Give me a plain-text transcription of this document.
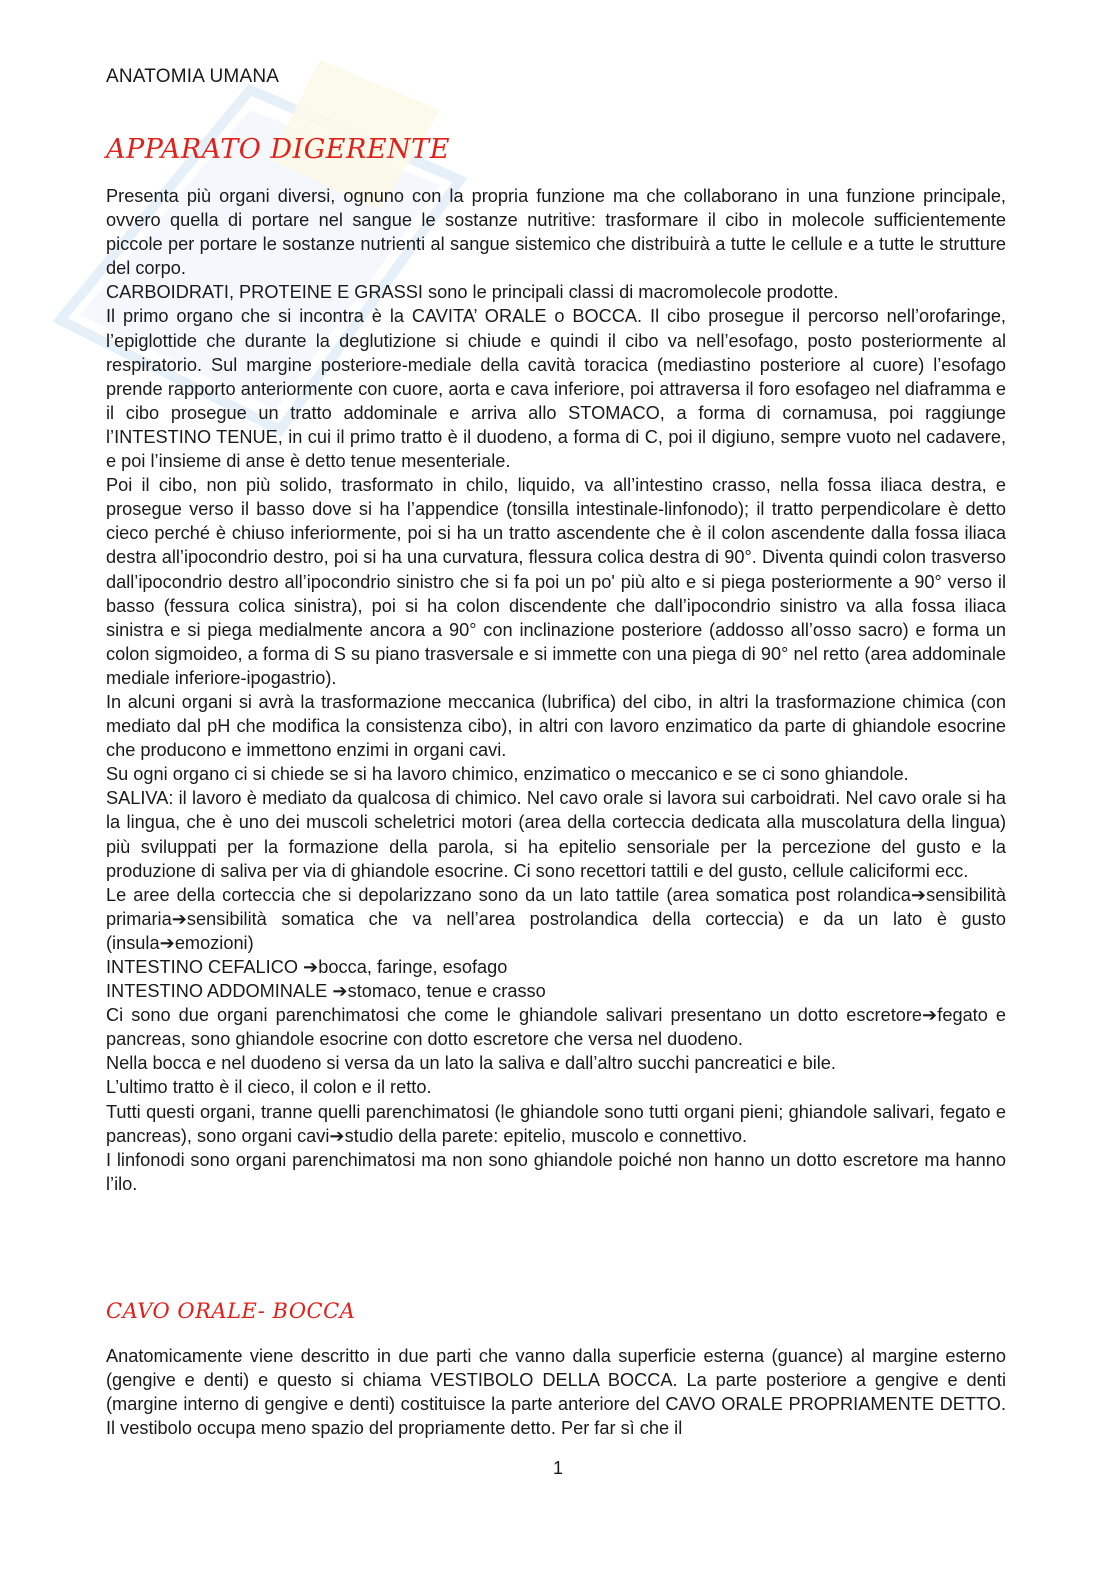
ANATOMIA UMANA
APPARATO DIGERENTE

Presenta più organi diversi, ognuno con la propria funzione ma che collaborano in una funzione principale, ovvero quella di portare nel sangue le sostanze nutritive: trasformare il cibo in molecole sufficientemente piccole per portare le sostanze nutrienti al sangue sistemico che distribuirà a tutte le cellule e a tutte le strutture del corpo.

CARBOIDRATI, PROTEINE E GRASSI sono le principali classi di macromolecole prodotte.

Il primo organo che si incontra è la CAVITA’ ORALE o BOCCA. Il cibo prosegue il percorso nell’orofaringe, l’epiglottide che durante la deglutizione si chiude e quindi il cibo va nell’esofago, posto posteriormente al respiratorio. Sul margine posteriore-mediale della cavità toracica (mediastino posteriore al cuore) l’esofago prende rapporto anteriormente con cuore, aorta e cava inferiore, poi attraversa il foro esofageo nel diaframma e il cibo prosegue un tratto addominale e arriva allo STOMACO, a forma di cornamusa, poi raggiunge l’INTESTINO TENUE, in cui il primo tratto è il duodeno, a forma di C, poi il digiuno, sempre vuoto nel cadavere, e poi l’insieme di anse è detto tenue mesenteriale.

Poi il cibo, non più solido, trasformato in chilo, liquido, va all’intestino crasso, nella fossa iliaca destra, e prosegue verso il basso dove si ha l’appendice (tonsilla intestinale-linfonodo); il tratto perpendicolare è detto cieco perché è chiuso inferiormente, poi si ha un tratto ascendente che è il colon ascendente dalla fossa iliaca destra all’ipocondrio destro, poi si ha una curvatura, flessura colica destra di 90°. Diventa quindi colon trasverso dall’ipocondrio destro all’ipocondrio sinistro che si fa poi un po' più alto e si piega posteriormente a 90° verso il basso (fessura colica sinistra), poi si ha colon discendente che dall’ipocondrio sinistro va alla fossa iliaca sinistra e si piega medialmente ancora a 90° con inclinazione posteriore (addosso all’osso sacro) e forma un colon sigmoideo, a forma di S su piano trasversale e si immette con una piega di 90° nel retto (area addominale mediale inferiore-ipogastrio).

In alcuni organi si avrà la trasformazione meccanica (lubrifica) del cibo, in altri la trasformazione chimica (con mediato dal pH che modifica la consistenza cibo), in altri con lavoro enzimatico da parte di ghiandole esocrine che producono e immettono enzimi in organi cavi.

Su ogni organo ci si chiede se si ha lavoro chimico, enzimatico o meccanico e se ci sono ghiandole.

SALIVA: il lavoro è mediato da qualcosa di chimico. Nel cavo orale si lavora sui carboidrati. Nel cavo orale si ha la lingua, che è uno dei muscoli scheletrici motori (area della corteccia dedicata alla muscolatura della lingua) più sviluppati per la formazione della parola, si ha epitelio sensoriale per la percezione del gusto e la produzione di saliva per via di ghiandole esocrine. Ci sono recettori tattili e del gusto, cellule caliciformi ecc.

Le aree della corteccia che si depolarizzano sono da un lato tattile (area somatica post rolandica➔sensibilità primaria➔sensibilità somatica che va nell’area postrolandica della corteccia) e da un lato è gusto (insula➔emozioni)

INTESTINO CEFALICO ➔bocca, faringe, esofago

INTESTINO ADDOMINALE ➔stomaco, tenue e crasso

Ci sono due organi parenchimatosi che come le ghiandole salivari presentano un dotto escretore➔fegato e pancreas, sono ghiandole esocrine con dotto escretore che versa nel duodeno.

Nella bocca e nel duodeno si versa da un lato la saliva e dall’altro succhi pancreatici e bile.

L’ultimo tratto è il cieco, il colon e il retto.

Tutti questi organi, tranne quelli parenchimatosi (le ghiandole sono tutti organi pieni; ghiandole salivari, fegato e pancreas), sono organi cavi➔studio della parete: epitelio, muscolo e connettivo.

I linfonodi sono organi parenchimatosi ma non sono ghiandole poiché non hanno un dotto escretore ma hanno l’ilo.

CAVO ORALE- BOCCA

Anatomicamente viene descritto in due parti che vanno dalla superficie esterna (guance) al margine esterno (gengive e denti) e questo si chiama VESTIBOLO DELLA BOCCA. La parte posteriore a gengive e denti (margine interno di gengive e denti) costituisce la parte anteriore del CAVO ORALE PROPRIAMENTE DETTO. Il vestibolo occupa meno spazio del propriamente detto. Per far sì che il

1
